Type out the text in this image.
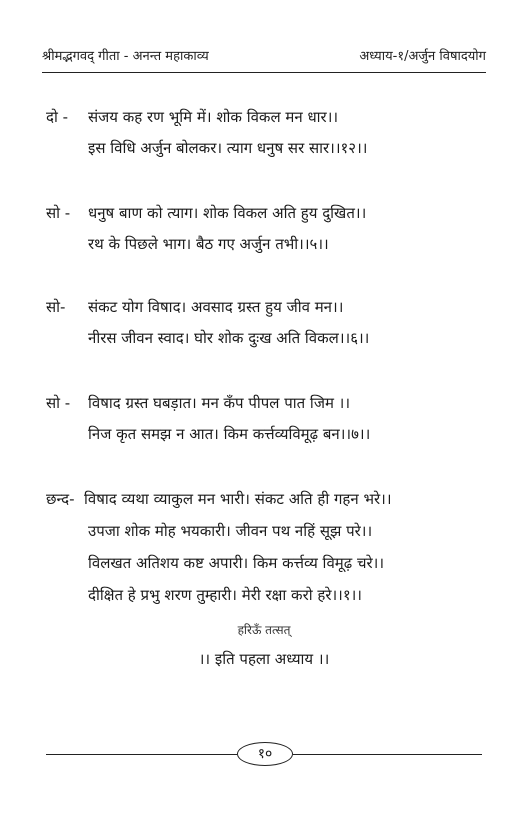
श्रीमद्भगवद् गीता - अनन्त महाकाव्य	अध्याय-१/अर्जुन विषादयोग
दो - संजय कह रण भूमि में। शोक विकल मन धार।।
इस विधि अर्जुन बोलकर। त्याग धनुष सर सार।।१२।।
सो - धनुष बाण को त्याग। शोक विकल अति हुय दुखित।।
रथ के पिछले भाग। बैठ गए अर्जुन तभी।।५।।
सो- संकट योग विषाद। अवसाद ग्रस्त हुय जीव मन।।
नीरस जीवन स्वाद। घोर शोक दुःख अति विकल।।६।।
सो - विषाद ग्रस्त घबड़ात। मन कँप पीपल पात जिम ।।
निज कृत समझ न आत। किम कर्त्तव्यविमूढ़ बन।।७।।
छन्द- विषाद व्यथा व्याकुल मन भारी। संकट अति ही गहन भरे।।
उपजा शोक मोह भयकारी। जीवन पथ नहिं सूझ परे।।
विलखत अतिशय कष्ट अपारी। किम कर्त्तव्य विमूढ़ चरे।।
दीक्षित हे प्रभु शरण तुम्हारी। मेरी रक्षा करो हरे।।१।।
हरिऊँ तत्सत्
।। इति पहला अध्याय ।।
१०
